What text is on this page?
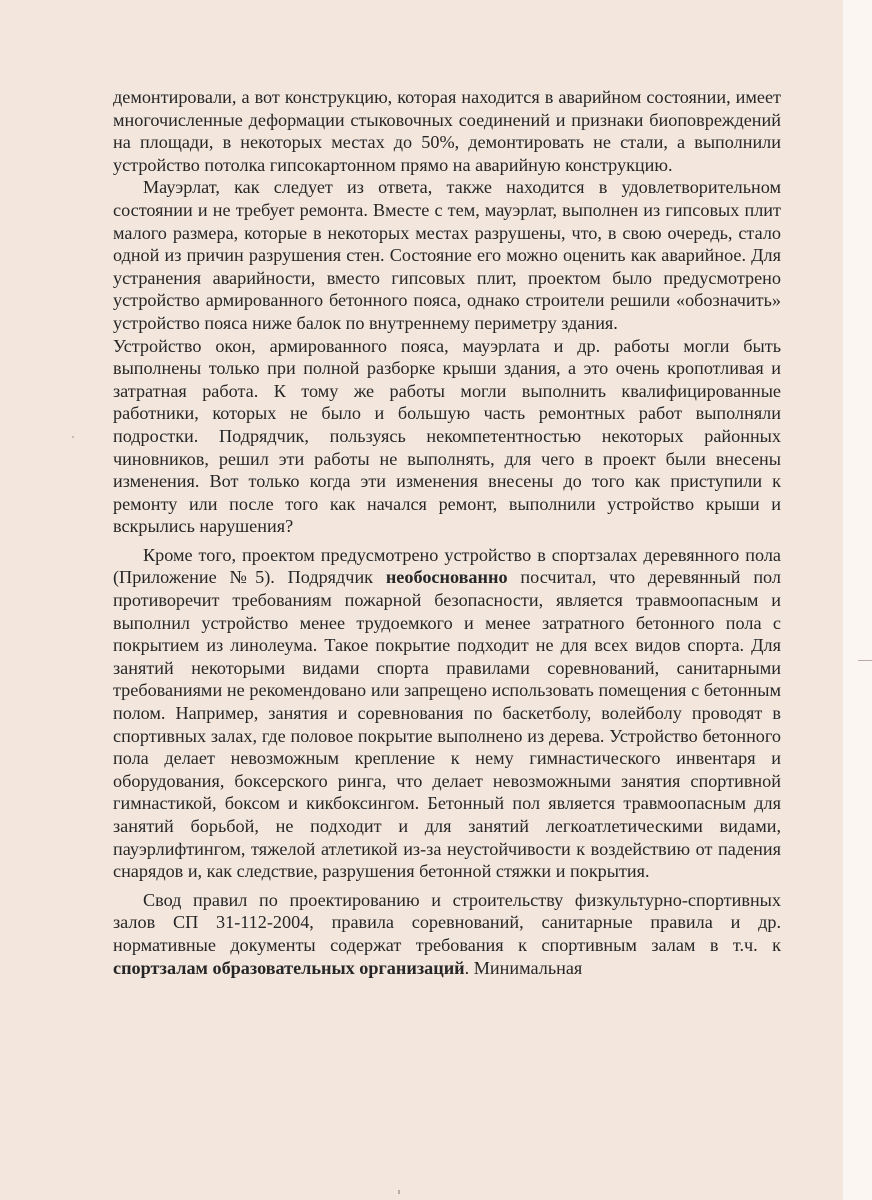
демонтировали, а вот конструкцию, которая находится в аварийном состоянии, имеет многочисленные деформации стыковочных соединений и признаки биоповреждений на площади, в некоторых местах до 50%, демонтировать не стали, а выполнили устройство потолка гипсокартонном прямо на аварийную конструкцию.

Мауэрлат, как следует из ответа, также находится в удовлетворительном состоянии и не требует ремонта. Вместе с тем, мауэрлат, выполнен из гипсовых плит малого размера, которые в некоторых местах разрушены, что, в свою очередь, стало одной из причин разрушения стен. Состояние его можно оценить как аварийное. Для устранения аварийности, вместо гипсовых плит, проектом было предусмотрено устройство армированного бетонного пояса, однако строители решили «обозначить» устройство пояса ниже балок по внутреннему периметру здания.

Устройство окон, армированного пояса, мауэрлата и др. работы могли быть выполнены только при полной разборке крыши здания, а это очень кропотливая и затратная работа. К тому же работы могли выполнить квалифицированные работники, которых не было и большую часть ремонтных работ выполняли подростки. Подрядчик, пользуясь некомпетентностью некоторых районных чиновников, решил эти работы не выполнять, для чего в проект были внесены изменения. Вот только когда эти изменения внесены до того как приступили к ремонту или после того как начался ремонт, выполнили устройство крыши и вскрылись нарушения?

Кроме того, проектом предусмотрено устройство в спортзалах деревянного пола (Приложение №5). Подрядчик необоснованно посчитал, что деревянный пол противоречит требованиям пожарной безопасности, является травмоопасным и выполнил устройство менее трудоемкого и менее затратного бетонного пола с покрытием из линолеума. Такое покрытие подходит не для всех видов спорта. Для занятий некоторыми видами спорта правилами соревнований, санитарными требованиями не рекомендовано или запрещено использовать помещения с бетонным полом. Например, занятия и соревнования по баскетболу, волейболу проводят в спортивных залах, где половое покрытие выполнено из дерева. Устройство бетонного пола делает невозможным крепление к нему гимнастического инвентаря и оборудования, боксерского ринга, что делает невозможными занятия спортивной гимнастикой, боксом и кикбоксингом. Бетонный пол является травмоопасным для занятий борьбой, не подходит и для занятий легкоатлетическими видами, пауэрлифтингом, тяжелой атлетикой из-за неустойчивости к воздействию от падения снарядов и, как следствие, разрушения бетонной стяжки и покрытия.

Свод правил по проектированию и строительству физкультурно-спортивных залов СП 31-112-2004, правила соревнований, санитарные правила и др. нормативные документы содержат требования к спортивным залам в т.ч. к спортзалам образовательных организаций. Минимальная
